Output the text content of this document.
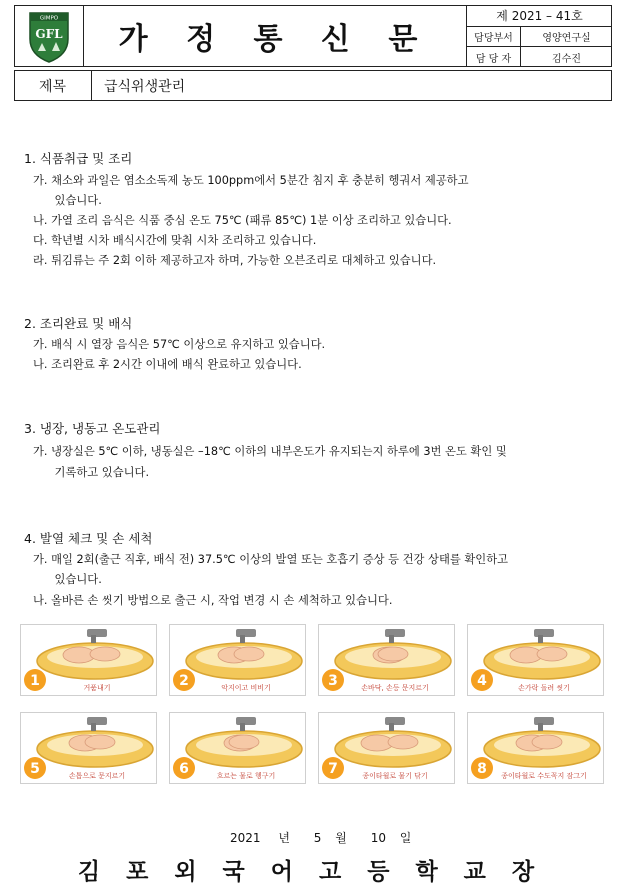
GIMPO
GFL 가 정 통 신 문
제 2021 – 41호
담당부서	영양연구실
담 당 자	김수진
제목	급식위생관리
1. 식품취급 및 조리
가. 채소와 과일은 염소소독제 농도 100ppm에서 5분간 침지 후 충분히 헹궈서 제공하고
있습니다.
나. 가열 조리 음식은 식품 중심 온도 75℃ (패류 85℃) 1분 이상 조리하고 있습니다.
다. 학년별 시차 배식시간에 맞춰 시차 조리하고 있습니다.
라. 튀김류는 주 2회 이하 제공하고자 하며, 가능한 오븐조리로 대체하고 있습니다.
2. 조리완료 및 배식
가. 배식 시 열장 음식은 57℃ 이상으로 유지하고 있습니다.
나. 조리완료 후 2시간 이내에 배식 완료하고 있습니다.
3. 냉장, 냉동고 온도관리
가. 냉장실은 5℃ 이하, 냉동실은 –18℃ 이하의 내부온도가 유지되는지 하루에 3번 온도 확인 및
기록하고 있습니다.
4. 발열 체크 및 손 세척
가. 매일 2회(출근 직후, 배식 전) 37.5℃ 이상의 발열 또는 호흡기 증상 등 건강 상태를 확인하고
있습니다.
나. 올바른 손 씻기 방법으로 출근 시, 작업 변경 시 손 세척하고 있습니다.
1	거품내기	2	악지이고 비비기	3	손바닥, 손등 문지르기	4	손가락 돌려 씻기
5	손톱으로 문지르기	6	흐르는 물로 헹구기	7	종이타월로 물기 닦기	8 종이타월로 수도꼭지 잠그기
2021 년 5 월 10 일
김 포 외 국 어 고 등 학 교 장
